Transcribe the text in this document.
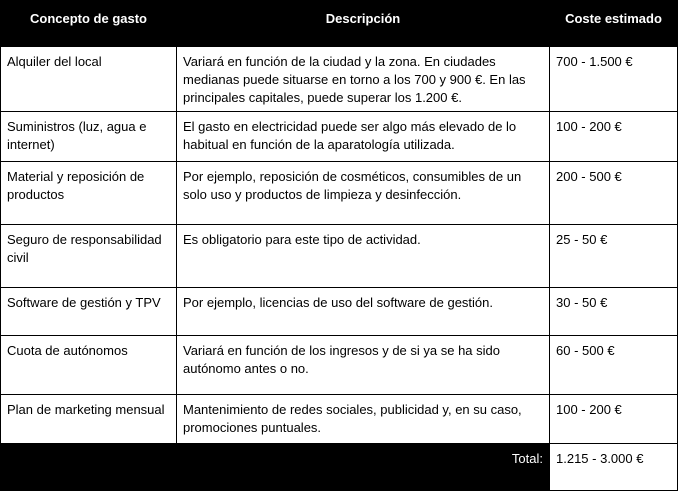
Concepto de gasto	Descripción	Coste estimado
Alquiler del local	Variará en función de la ciudad y la zona. En ciudades medianas puede situarse en torno a los 700 y 900 €. En las principales capitales, puede superar los 1.200 €.	700 - 1.500 €
Suministros (luz, agua e internet)	El gasto en electricidad puede ser algo más elevado de lo habitual en función de la aparatología utilizada.	100 - 200 €
Material y reposición de productos	Por ejemplo, reposición de cosméticos, consumibles de un solo uso y productos de limpieza y desinfección.	200 - 500 €
Seguro de responsabilidad civil	Es obligatorio para este tipo de actividad.	25 - 50 €
Software de gestión y TPV	Por ejemplo, licencias de uso del software de gestión.	30 - 50 €
Cuota de autónomos	Variará en función de los ingresos y de si ya se ha sido autónomo antes o no.	60 - 500 €
Plan de marketing mensual	Mantenimiento de redes sociales, publicidad y, en su caso, promociones puntuales.	100 - 200 €
Total:		1.215 - 3.000 €
